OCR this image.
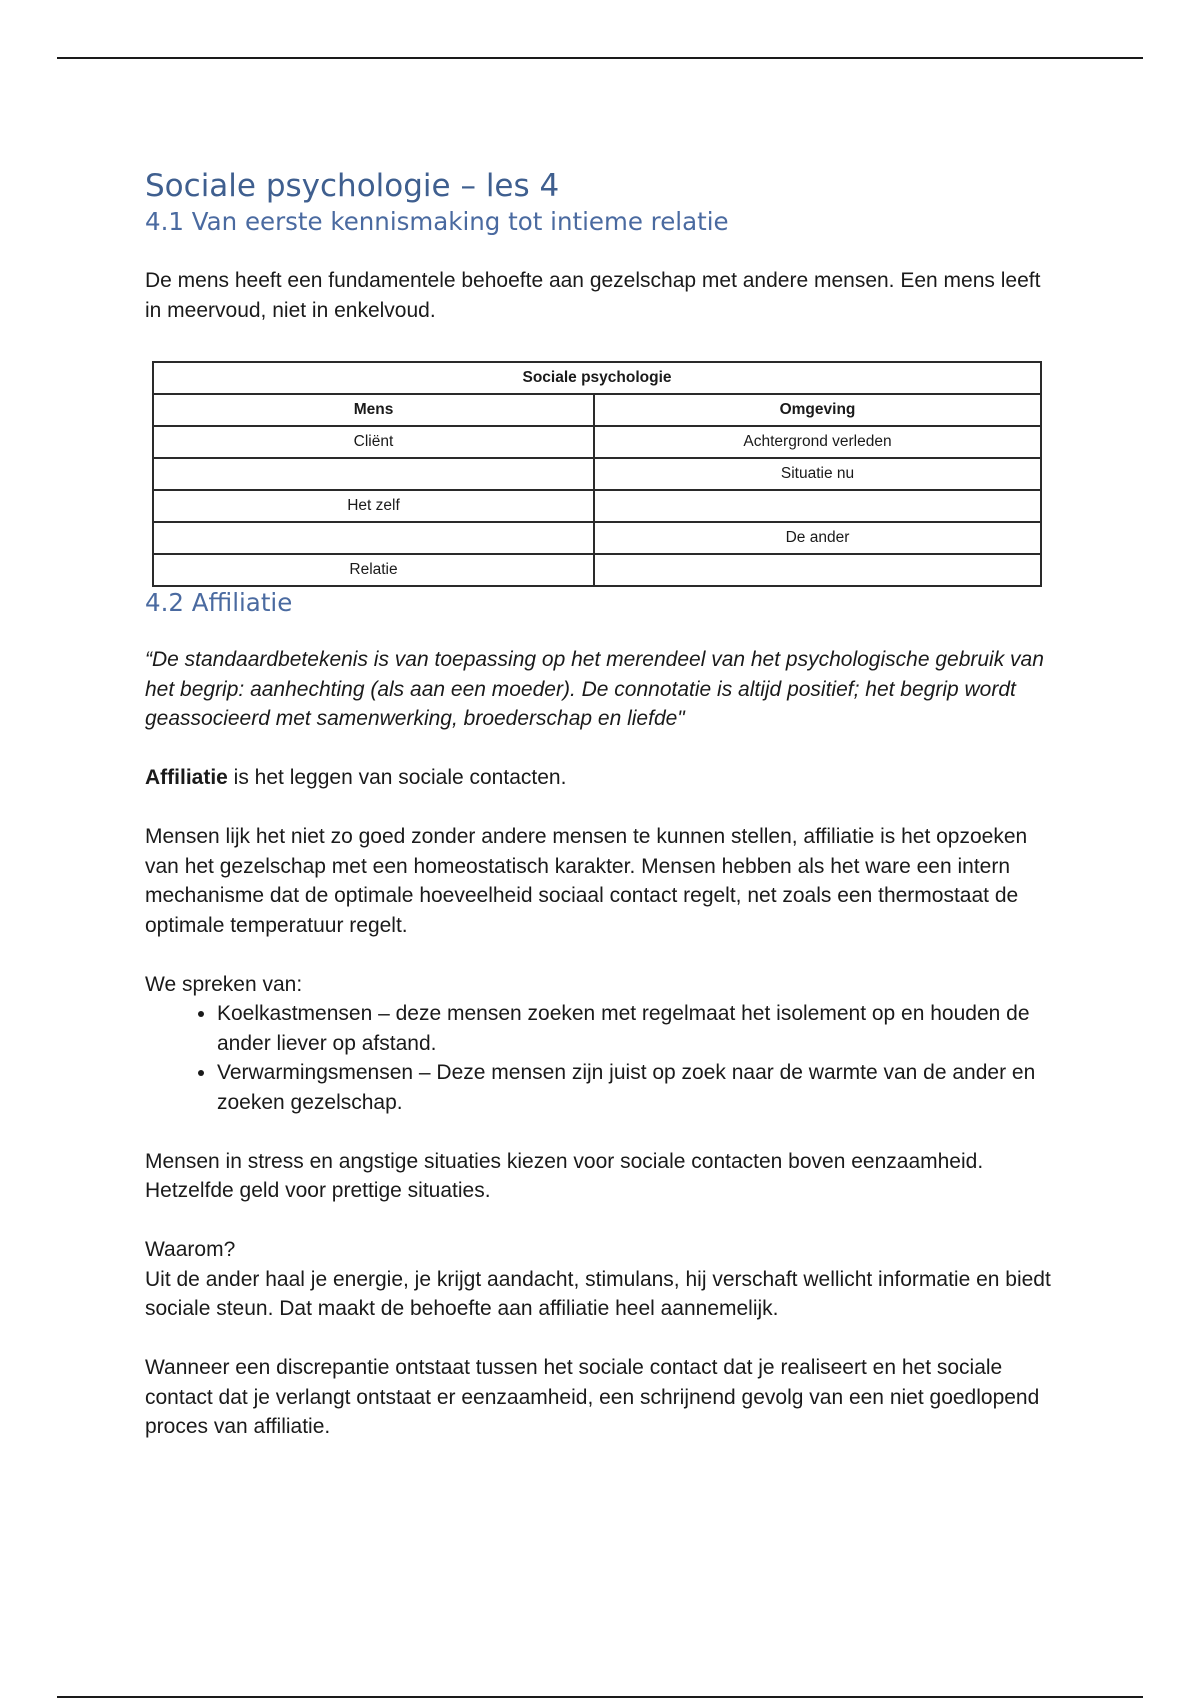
Sociale psychologie – les 4
4.1 Van eerste kennismaking tot intieme relatie

De mens heeft een fundamentele behoefte aan gezelschap met andere mensen. Een mens leeft in meervoud, niet in enkelvoud.

Sociale psychologie	
Mens	Omgeving
Cliënt	Achtergrond verleden
	Situatie nu
Het zelf	
	De ander
Relatie	
4.2 Affiliatie

“De standaardbetekenis is van toepassing op het merendeel van het psychologische gebruik van het begrip: aanhechting (als aan een moeder). De connotatie is altijd positief; het begrip wordt geassocieerd met samenwerking, broederschap en liefde"

Affiliatie is het leggen van sociale contacten.

Mensen lijk het niet zo goed zonder andere mensen te kunnen stellen, affiliatie is het opzoeken van het gezelschap met een homeostatisch karakter. Mensen hebben als het ware een intern mechanisme dat de optimale hoeveelheid sociaal contact regelt, net zoals een thermostaat de optimale temperatuur regelt.

We spreken van:

• Koelkastmensen – deze mensen zoeken met regelmaat het isolement op en houden de ander liever op afstand.
• Verwarmingsmensen – Deze mensen zijn juist op zoek naar de warmte van de ander en zoeken gezelschap.

Mensen in stress en angstige situaties kiezen voor sociale contacten boven eenzaamheid. Hetzelfde geld voor prettige situaties.

Waarom?

Uit de ander haal je energie, je krijgt aandacht, stimulans, hij verschaft wellicht informatie en biedt sociale steun. Dat maakt de behoefte aan affiliatie heel aannemelijk.

Wanneer een discrepantie ontstaat tussen het sociale contact dat je realiseert en het sociale contact dat je verlangt ontstaat er eenzaamheid, een schrijnend gevolg van een niet goedlopend proces van affiliatie.
